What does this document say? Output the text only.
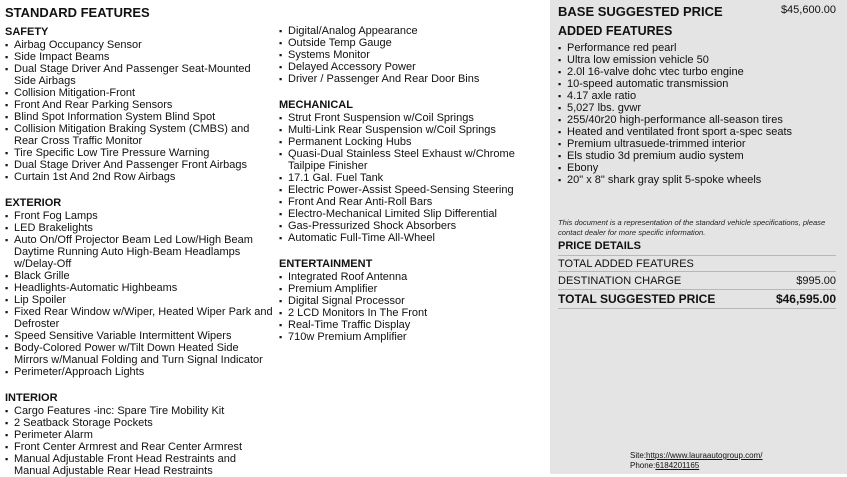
STANDARD FEATURES
SAFETY
▪ Airbag Occupancy Sensor
▪ Side Impact Beams
▪ Dual Stage Driver And Passenger Seat-Mounted Side Airbags
▪ Collision Mitigation-Front
▪ Front And Rear Parking Sensors
▪ Blind Spot Information System Blind Spot
▪ Collision Mitigation Braking System (CMBS) and Rear Cross Traffic Monitor
▪ Tire Specific Low Tire Pressure Warning
▪ Dual Stage Driver And Passenger Front Airbags
▪ Curtain 1st And 2nd Row Airbags
EXTERIOR
▪ Front Fog Lamps
▪ LED Brakelights
▪ Auto On/Off Projector Beam Led Low/High Beam Daytime Running Auto High-Beam Headlamps w/Delay-Off
▪ Black Grille
▪ Headlights-Automatic Highbeams
▪ Lip Spoiler
▪ Fixed Rear Window w/Wiper, Heated Wiper Park and Defroster
▪ Speed Sensitive Variable Intermittent Wipers
▪ Body-Colored Power w/Tilt Down Heated Side Mirrors w/Manual Folding and Turn Signal Indicator
▪ Perimeter/Approach Lights
INTERIOR
▪ Cargo Features -inc: Spare Tire Mobility Kit
▪ 2 Seatback Storage Pockets
▪ Perimeter Alarm
▪ Front Center Armrest and Rear Center Armrest
▪ Manual Adjustable Front Head Restraints and Manual Adjustable Rear Head Restraints
▪ Digital/Analog Appearance
▪ Outside Temp Gauge
▪ Systems Monitor
▪ Delayed Accessory Power
▪ Driver / Passenger And Rear Door Bins
MECHANICAL
▪ Strut Front Suspension w/Coil Springs
▪ Multi-Link Rear Suspension w/Coil Springs
▪ Permanent Locking Hubs
▪ Quasi-Dual Stainless Steel Exhaust w/Chrome Tailpipe Finisher
▪ 17.1 Gal. Fuel Tank
▪ Electric Power-Assist Speed-Sensing Steering
▪ Front And Rear Anti-Roll Bars
▪ Electro-Mechanical Limited Slip Differential
▪ Gas-Pressurized Shock Absorbers
▪ Automatic Full-Time All-Wheel
ENTERTAINMENT
▪ Integrated Roof Antenna
▪ Premium Amplifier
▪ Digital Signal Processor
▪ 2 LCD Monitors In The Front
▪ Real-Time Traffic Display
▪ 710w Premium Amplifier
BASE SUGGESTED PRICE	$45,600.00
ADDED FEATURES
▪ Performance red pearl
▪ Ultra low emission vehicle 50
▪ 2.0l 16-valve dohc vtec turbo engine
▪ 10-speed automatic transmission
▪ 4.17 axle ratio
▪ 5,027 lbs. gvwr
▪ 255/40r20 high-performance all-season tires
▪ Heated and ventilated front sport a-spec seats
▪ Premium ultrasuede-trimmed interior
▪ Els studio 3d premium audio system
▪ Ebony
▪ 20" x 8" shark gray split 5-spoke wheels
This document is a representation of the standard vehicle specifications, please contact dealer for more specific information.
PRICE DETAILS
TOTAL ADDED FEATURES
DESTINATION CHARGE	$995.00
TOTAL SUGGESTED PRICE	$46,595.00
Site:https://www.lauraautogroup.com/
Phone:6184201165
